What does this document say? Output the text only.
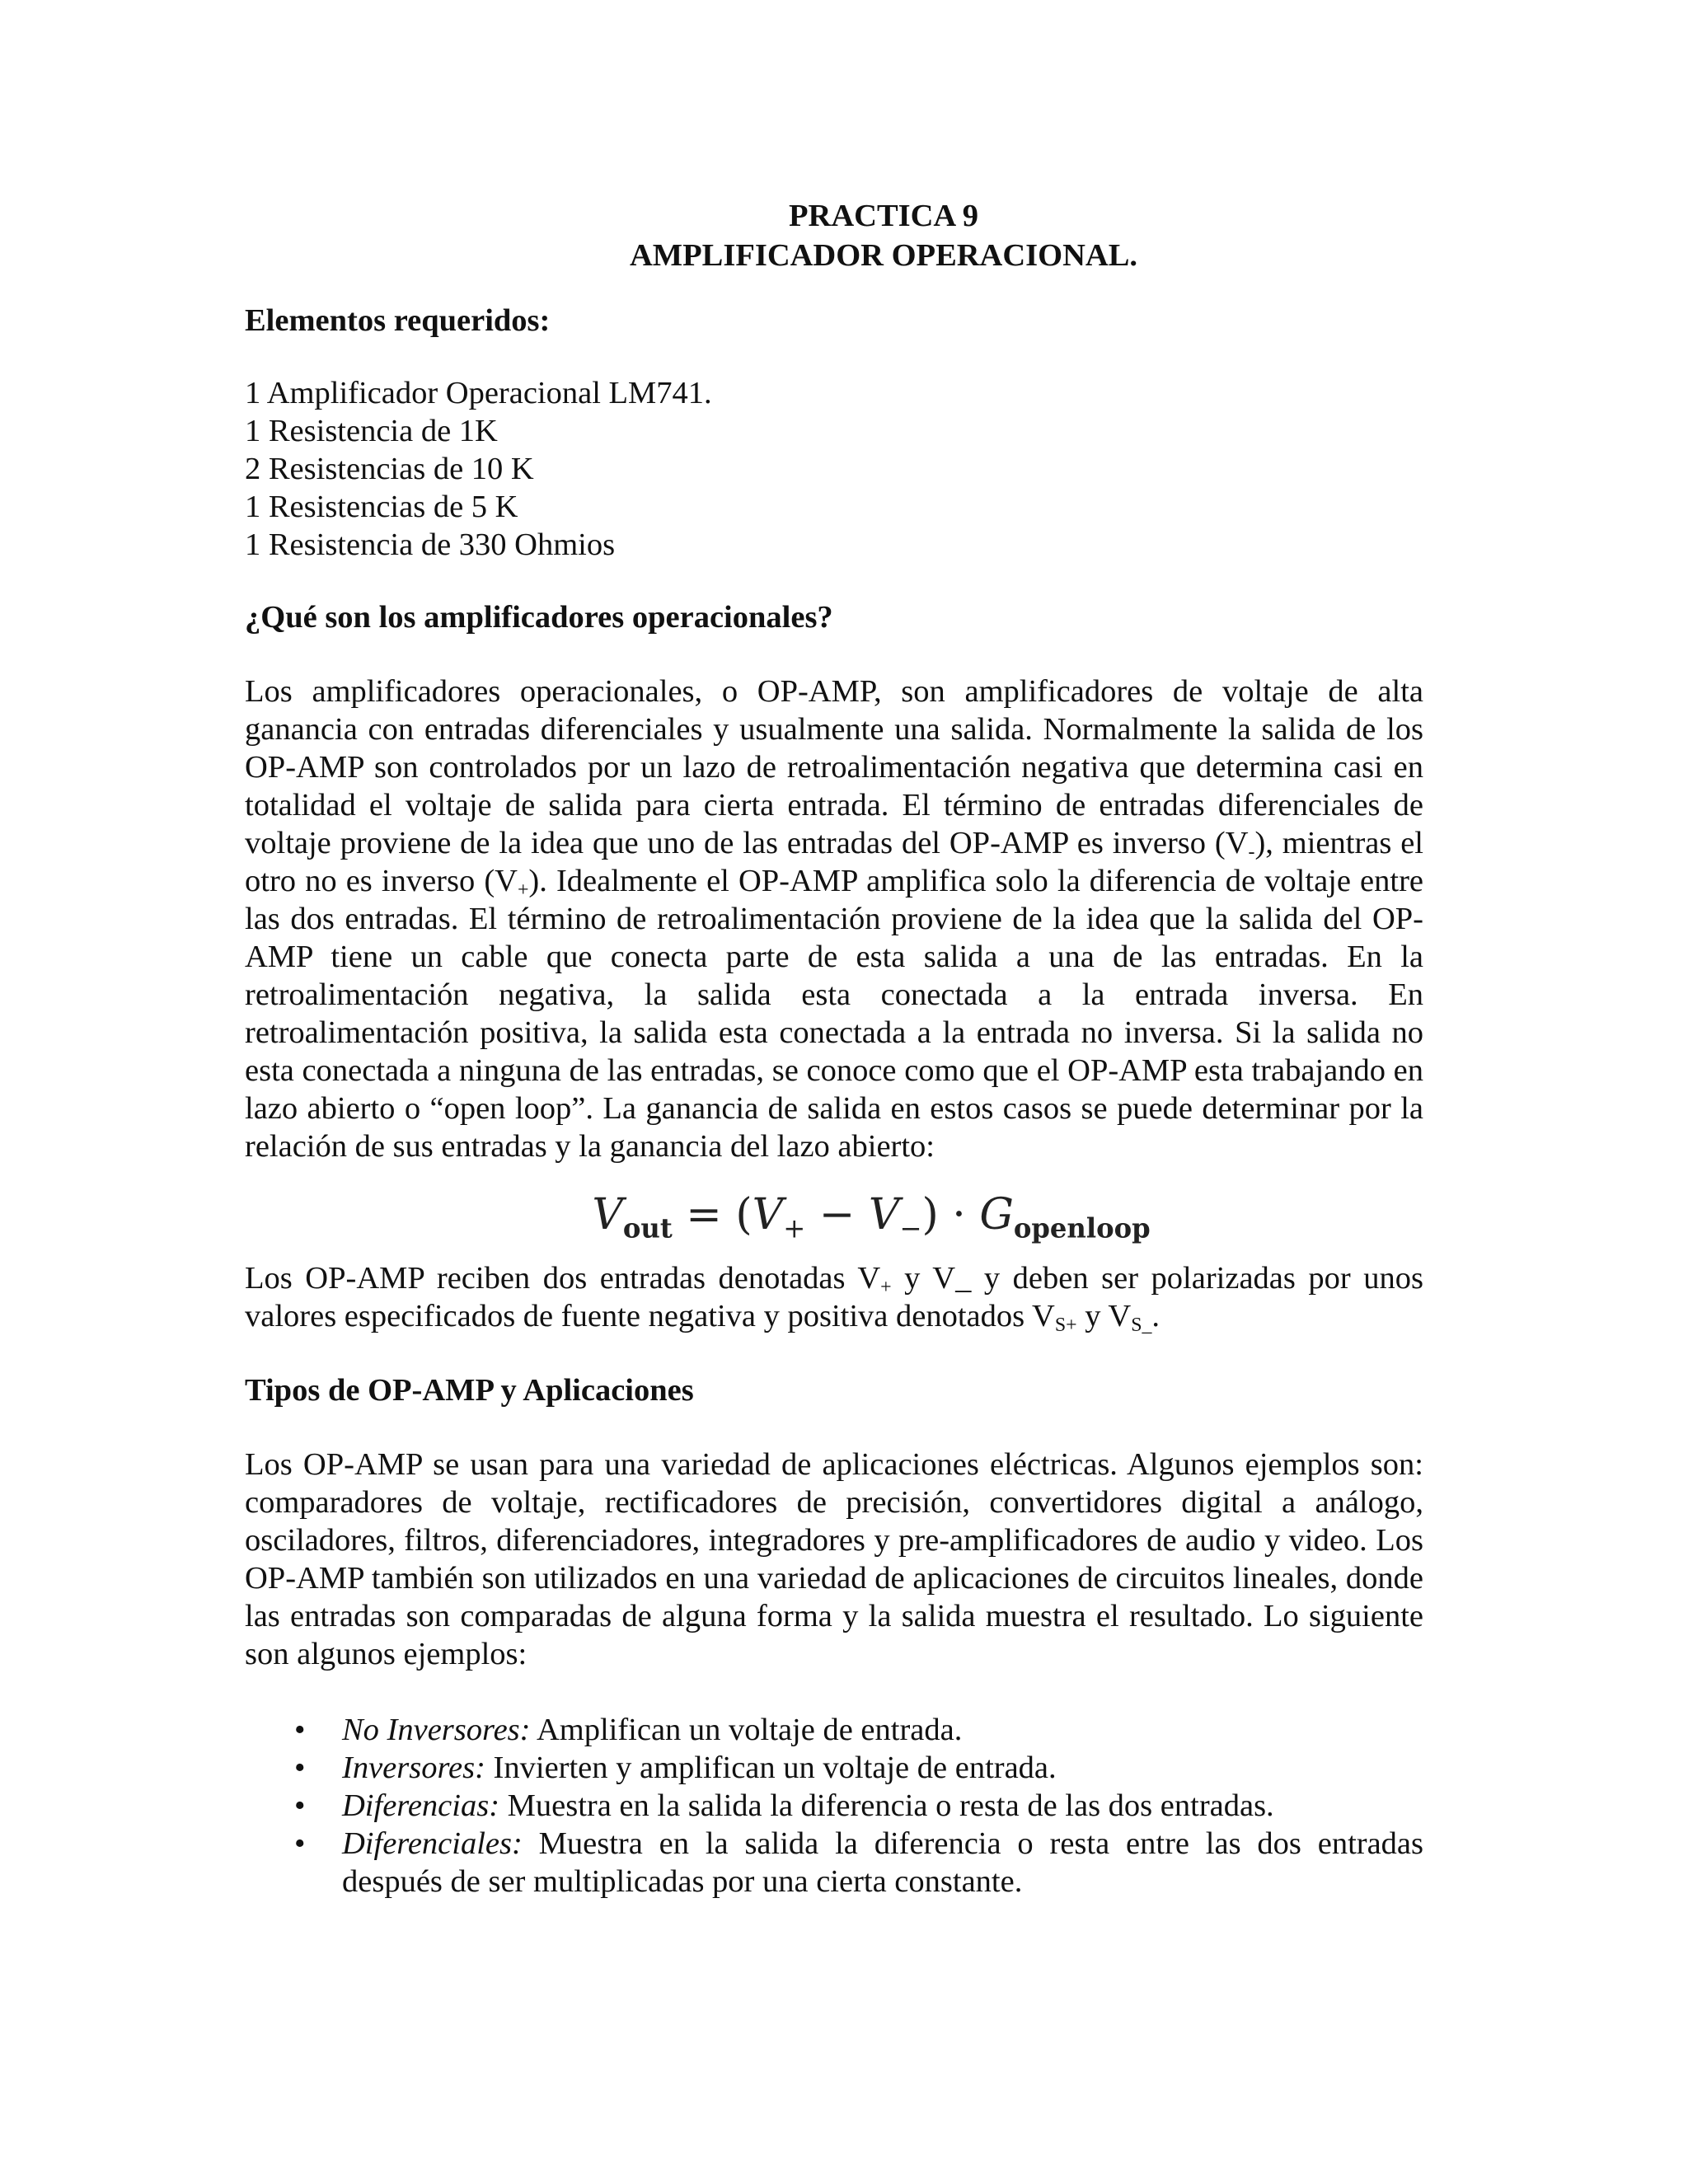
PRACTICA 9
AMPLIFICADOR OPERACIONAL.
Elementos requeridos:
1 Amplificador Operacional LM741.
1 Resistencia de 1K
2 Resistencias de 10 K
1 Resistencias de 5 K
1 Resistencia de 330 Ohmios
¿Qué son los amplificadores operacionales?

Los amplificadores operacionales, o OP-AMP, son amplificadores de voltaje de alta ganancia con entradas diferenciales y usualmente una salida. Normalmente la salida de los OP-AMP son controlados por un lazo de retroalimentación negativa que determina casi en totalidad el voltaje de salida para cierta entrada. El término de entradas diferenciales de voltaje proviene de la idea que uno de las entradas del OP-AMP es inverso $(V_-)$, mientras el otro no es inverso $(V_+)$. Idealmente el OP-AMP amplifica solo la diferencia de voltaje entre las dos entradas. El término de retroalimentación proviene de la idea que la salida del OP-AMP tiene un cable que conecta parte de esta salida a una de las entradas. En la retroalimentación negativa, la salida esta conectada a la entrada inversa. En retroalimentación positiva, la salida esta conectada a la entrada no inversa. Si la salida no esta conectada a ninguna de las entradas, se conoce como que el OP-AMP esta trabajando en lazo abierto o “open loop”. La ganancia de salida en estos casos se puede determinar por la relación de sus entradas y la ganancia del lazo abierto:

Vout = (V+ − V−) · Gopenloop

Los OP-AMP reciben dos entradas denotadas $V_+$ y V_ y deben ser polarizadas por unos valores especificados de fuente negativa y positiva denotados $V_{S+}$ y $V_{S\_}$.

Tipos de OP-AMP y Aplicaciones

Los OP-AMP se usan para una variedad de aplicaciones eléctricas. Algunos ejemplos son: comparadores de voltaje, rectificadores de precisión, convertidores digital a análogo, osciladores, filtros, diferenciadores, integradores y pre-amplificadores de audio y video. Los OP-AMP también son utilizados en una variedad de aplicaciones de circuitos lineales, donde las entradas son comparadas de alguna forma y la salida muestra el resultado. Lo siguiente son algunos ejemplos:

• No Inversores: Amplifican un voltaje de entrada.
• Inversores: Invierten y amplifican un voltaje de entrada.
• Diferencias: Muestra en la salida la diferencia o resta de las dos entradas.
• Diferenciales: Muestra en la salida la diferencia o resta entre las dos entradas después de ser multiplicadas por una cierta constante.
